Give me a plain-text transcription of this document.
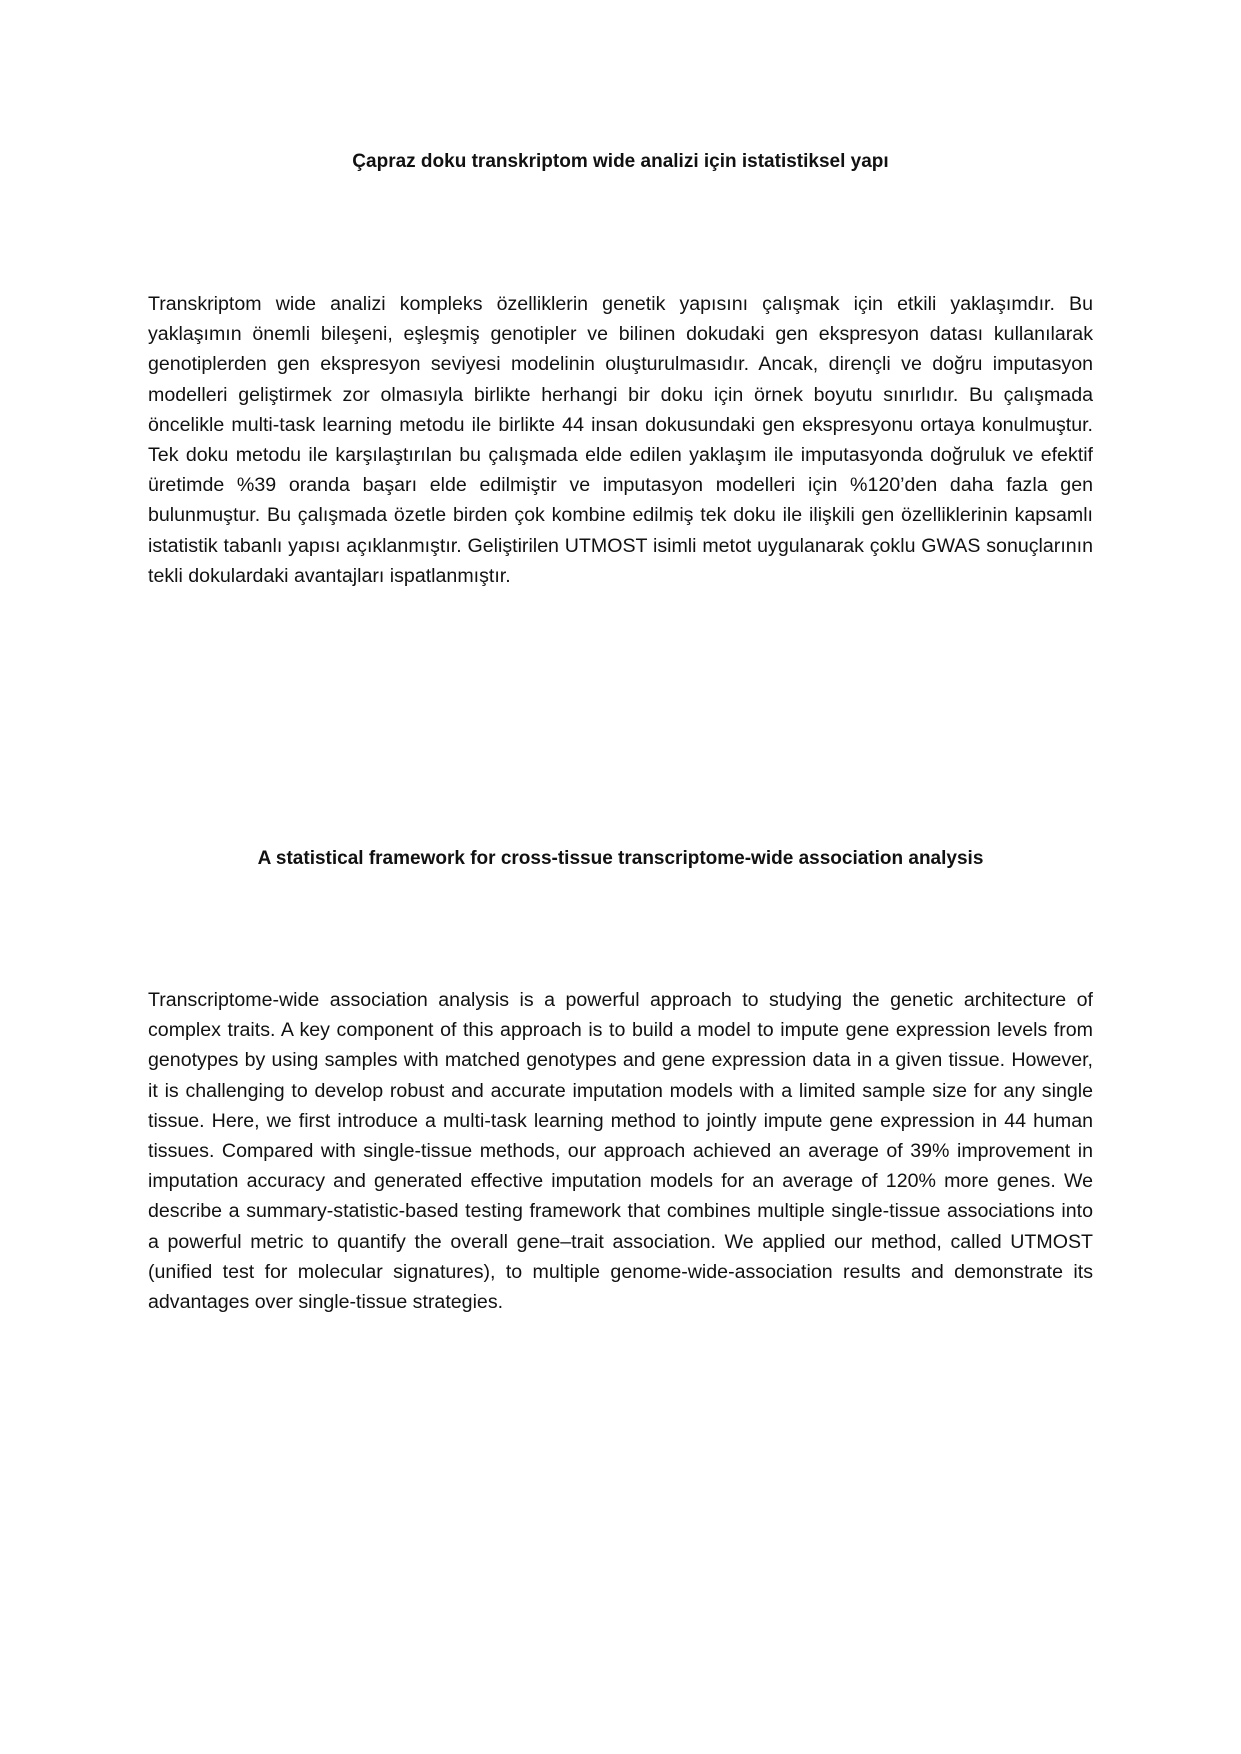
Çapraz doku transkriptom wide analizi için istatistiksel yapı

Transkriptom wide analizi kompleks özelliklerin genetik yapısını çalışmak için etkili yaklaşımdır. Bu yaklaşımın önemli bileşeni, eşleşmiş genotipler ve bilinen dokudaki gen ekspresyon datası kullanılarak genotiplerden gen ekspresyon seviyesi modelinin oluşturulmasıdır. Ancak, dirençli ve doğru imputasyon modelleri geliştirmek zor olmasıyla birlikte herhangi bir doku için örnek boyutu sınırlıdır. Bu çalışmada öncelikle multi-task learning metodu ile birlikte 44 insan dokusundaki gen ekspresyonu ortaya konulmuştur. Tek doku metodu ile karşılaştırılan bu çalışmada elde edilen yaklaşım ile imputasyonda doğruluk ve efektif üretimde %39 oranda başarı elde edilmiştir ve imputasyon modelleri için %120’den daha fazla gen bulunmuştur. Bu çalışmada özetle birden çok kombine edilmiş tek doku ile ilişkili gen özelliklerinin kapsamlı istatistik tabanlı yapısı açıklanmıştır. Geliştirilen UTMOST isimli metot uygulanarak çoklu GWAS sonuçlarının tekli dokulardaki avantajları ispatlanmıştır.

A statistical framework for cross-tissue transcriptome-wide association analysis

Transcriptome-wide association analysis is a powerful approach to studying the genetic architecture of complex traits. A key component of this approach is to build a model to impute gene expression levels from genotypes by using samples with matched genotypes and gene expression data in a given tissue. However, it is challenging to develop robust and accurate imputation models with a limited sample size for any single tissue. Here, we first introduce a multi-task learning method to jointly impute gene expression in 44 human tissues. Compared with single-tissue methods, our approach achieved an average of 39% improvement in imputation accuracy and generated effective imputation models for an average of 120% more genes. We describe a summary-statistic-based testing framework that combines multiple single-tissue associations into a powerful metric to quantify the overall gene–trait association. We applied our method, called UTMOST (unified test for molecular signatures), to multiple genome-wide-association results and demonstrate its advantages over single-tissue strategies.
